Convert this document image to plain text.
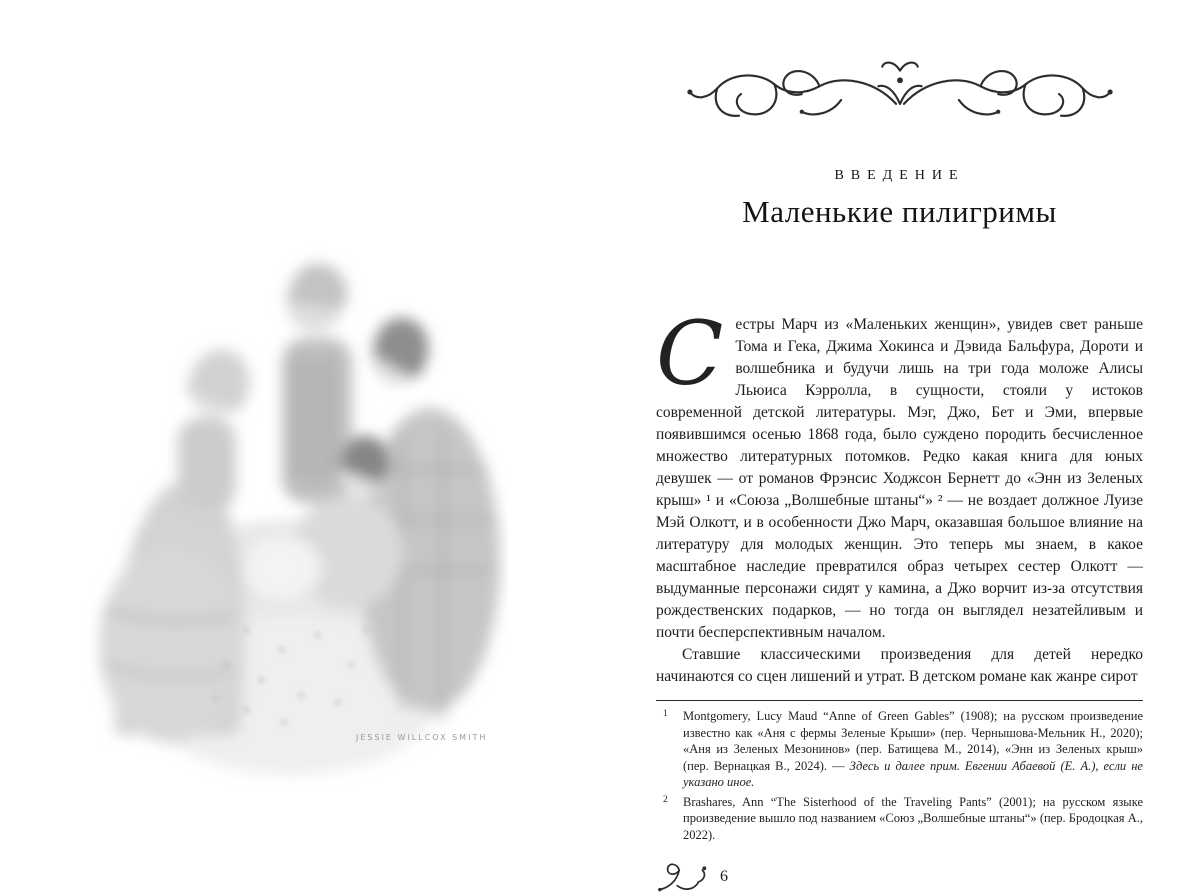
JESSIE WILLCOX SMITH
ВВЕДЕНИЕ
Маленькие пилигримы

Сестры Марч из «Маленьких женщин», увидев свет раньше Тома и Гека, Джима Хокинса и Дэвида Бальфура, Дороти и волшебника и будучи лишь на три года моложе Алисы Льюиса Кэрролла, в сущности, стояли у истоков современной детской литературы. Мэг, Джо, Бет и Эми, впервые появившимся осенью 1868 года, было суждено породить бесчисленное множество литературных потомков. Редко какая книга для юных девушек — от романов Фрэнсис Ходжсон Бернетт до «Энн из Зеленых крыш» ¹ и «Союза „Волшебные штаны“» ² — не воздает должное Луизе Мэй Олкотт, и в особенности Джо Марч, оказавшая большое влияние на литературу для молодых женщин. Это теперь мы знаем, в какое масштабное наследие превратился образ четырех сестер Олкотт — выдуманные персонажи сидят у камина, а Джо ворчит из-за отсутствия рождественских подарков, — но тогда он выглядел незатейливым и почти бесперспективным началом.

Ставшие классическими произведения для детей нередко начинаются со сцен лишений и утрат. В детском романе как жанре сирот

1 Montgomery, Lucy Maud “Anne of Green Gables” (1908); на русском произведение известно как «Аня с фермы Зеленые Крыши» (пер. Чернышова-Мельник Н., 2020); «Аня из Зеленых Мезонинов» (пер. Батищева М., 2014), «Энн из Зеленых крыш» (пер. Вернацкая В., 2024). — Здесь и далее прим. Евгении Абаевой (Е. А.), если не указано иное.
2 Brashares, Ann “The Sisterhood of the Traveling Pants” (2001); на русском языке произведение вышло под названием «Союз „Волшебные штаны“» (пер. Бродоцкая А., 2022).
6
